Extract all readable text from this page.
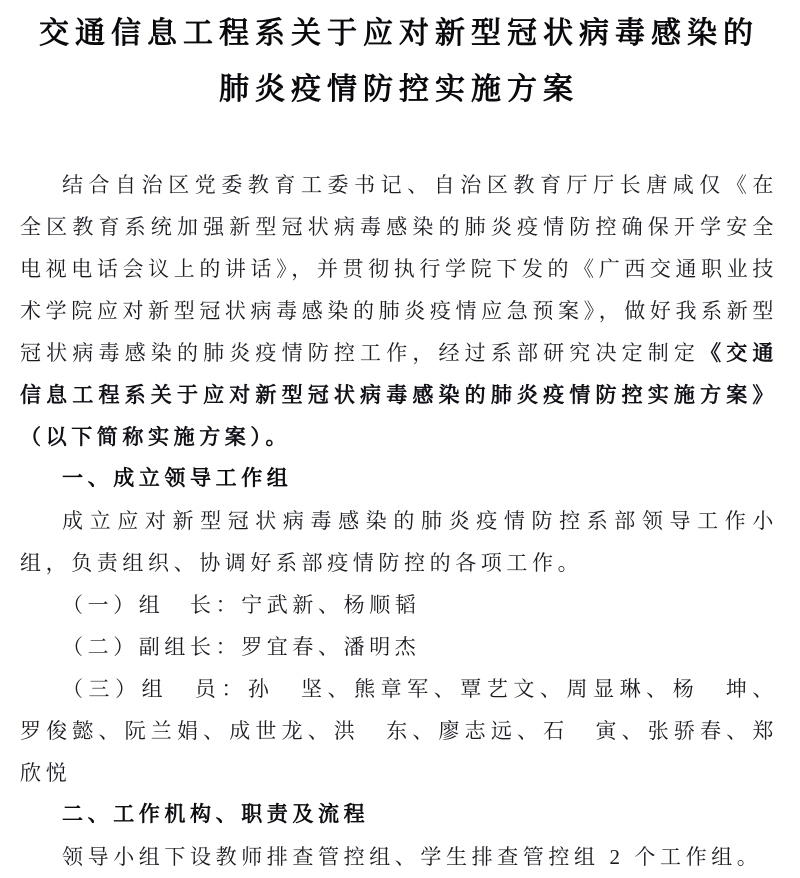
交通信息工程系关于应对新型冠状病毒感染的
肺炎疫情防控实施方案

结合自治区党委教育工委书记、自治区教育厅厅长唐咸仅《在全区教育系统加强新型冠状病毒感染的肺炎疫情防控确保开学安全电视电话会议上的讲话》，并贯彻执行学院下发的《广西交通职业技术学院应对新型冠状病毒感染的肺炎疫情应急预案》，做好我系新型冠状病毒感染的肺炎疫情防控工作，经过系部研究决定制定《交通信息工程系关于应对新型冠状病毒感染的肺炎疫情防控实施方案》（以下简称实施方案）。

一、成立领导工作组

成立应对新型冠状病毒感染的肺炎疫情防控系部领导工作小组，负责组织、协调好系部疫情防控的各项工作。

（一）组　长：宁武新、杨顺韬

（二）副组长：罗宜春、潘明杰

（三）组　员：孙　坚、熊章军、覃艺文、周显琳、杨　坤、罗俊懿、阮兰娟、成世龙、洪　东、廖志远、石　寅、张骄春、郑欣悦

二、工作机构、职责及流程

领导小组下设教师排查管控组、学生排查管控组 2 个工作组。
